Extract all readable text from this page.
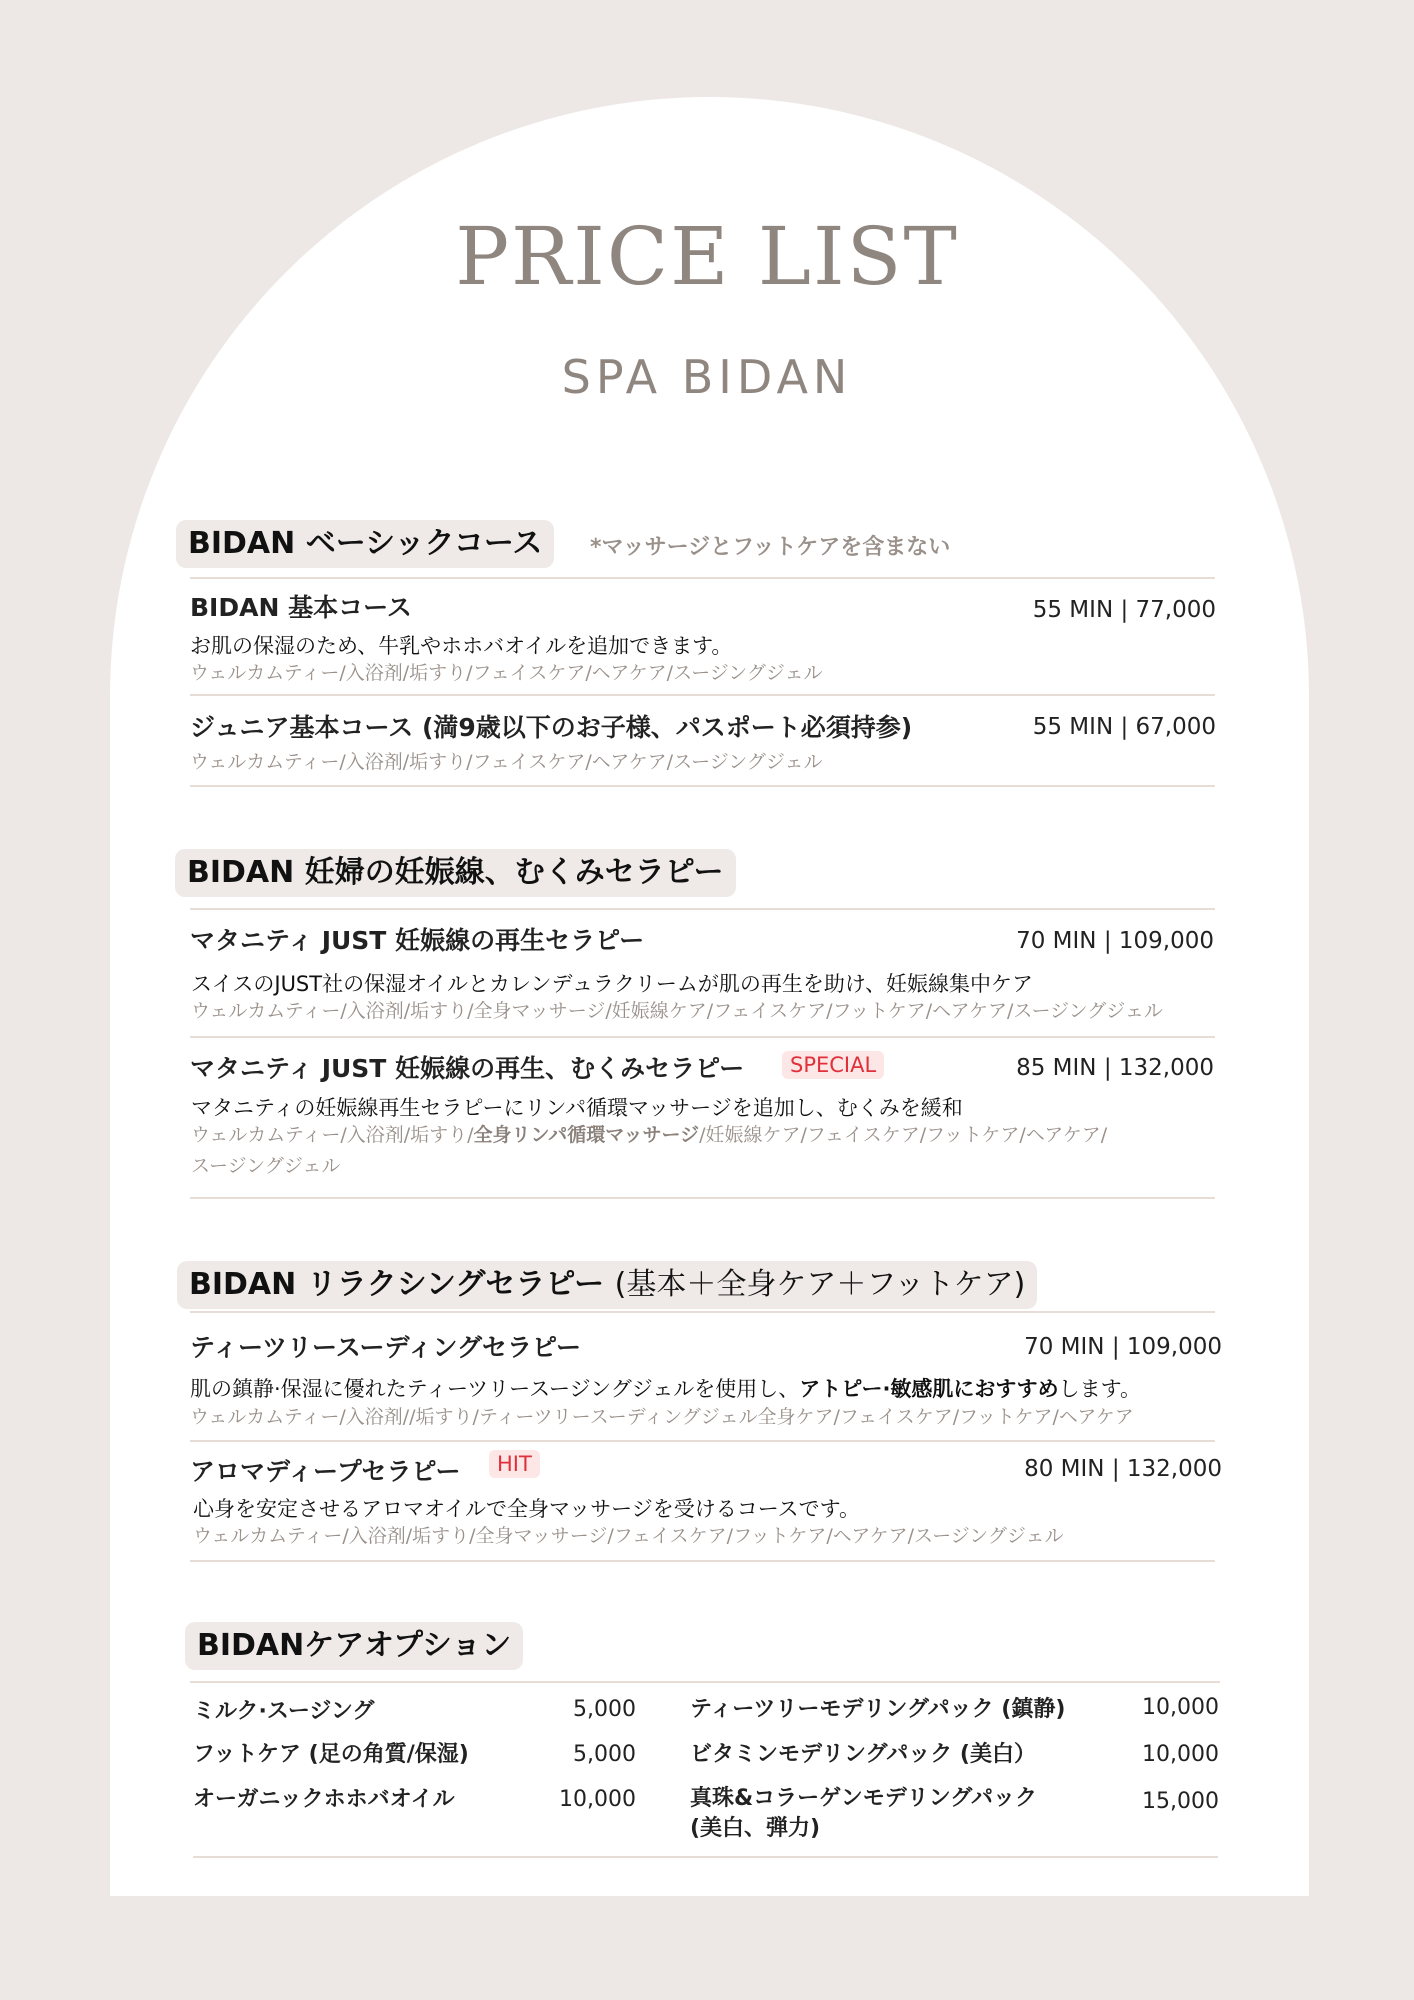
PRICE LIST
SPA BIDAN
BIDAN ベーシックコース	*マッサージとフットケアを含まない
BIDAN 基本コース	55 MIN | 77,000
お肌の保湿のため、牛乳やホホバオイルを追加できます。
ウェルカムティー/入浴剤/垢すり/フェイスケア/ヘアケア/スージングジェル
ジュニア基本コース (満9歳以下のお子様、パスポート必須持参)	55 MIN | 67,000
ウェルカムティー/入浴剤/垢すり/フェイスケア/ヘアケア/スージングジェル
BIDAN 妊婦の妊娠線、むくみセラピー
マタニティ JUST 妊娠線の再生セラピー	70 MIN | 109,000
スイスのJUST社の保湿オイルとカレンデュラクリームが肌の再生を助け、妊娠線集中ケア
ウェルカムティー/入浴剤/垢すり/全身マッサージ/妊娠線ケア/フェイスケア/フットケア/ヘアケア/スージングジェル
マタニティ JUST 妊娠線の再生、むくみセラピー	SPECIAL	85 MIN | 132,000
マタニティの妊娠線再生セラピーにリンパ循環マッサージを追加し、むくみを緩和
ウェルカムティー/入浴剤/垢すり/全身リンパ循環マッサージ/妊娠線ケア/フェイスケア/フットケア/ヘアケア/
スージングジェル
BIDAN リラクシングセラピー (基本＋全身ケア＋フットケア)
ティーツリースーディングセラピー	70 MIN | 109,000
肌の鎮静·保湿に優れたティーツリースージングジェルを使用し、アトピー·敏感肌におすすめします。
ウェルカムティー/入浴剤//垢すり/ティーツリースーディングジェル全身ケア/フェイスケア/フットケア/ヘアケア
アロマディープセラピー	HIT	80 MIN | 132,000
心身を安定させるアロマオイルで全身マッサージを受けるコースです。
ウェルカムティー/入浴剤/垢すり/全身マッサージ/フェイスケア/フットケア/ヘアケア/スージングジェル
BIDANケアオプション
ミルク·スージング	5,000
フットケア (足の角質/保湿)	5,000
オーガニックホホバオイル	10,000
ティーツリーモデリングパック (鎮静)	10,000
ビタミンモデリングパック (美白）	10,000
真珠&コラーゲンモデリングパック
(美白、弾力)
15,000
